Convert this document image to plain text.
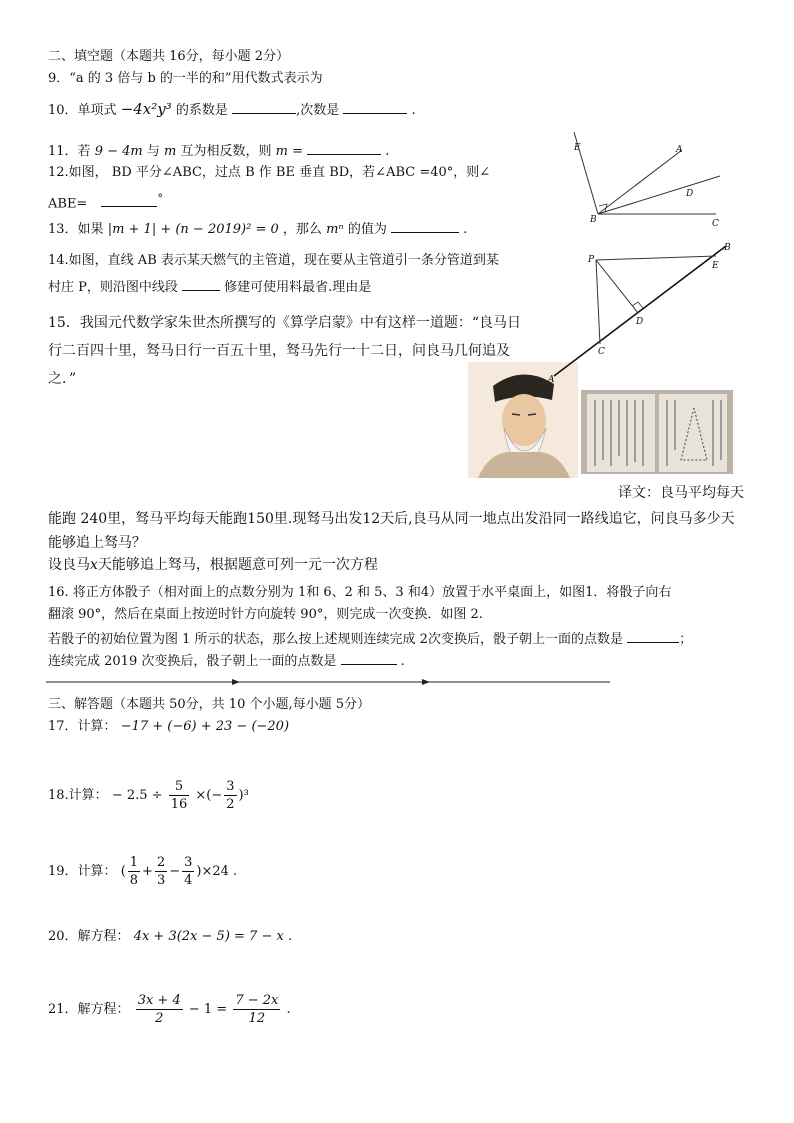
二、填空题（本题共 16分，每小题 2分）
9．“a 的 3 倍与 b 的一半的和”用代数式表示为
10．单项式 −4x²y³ 的系数是	,次数是	.
11．若 9 − 4m 与 m 互为相反数，则 m =	.
12.如图， BD 平分∠ABC，过点 B 作 BE 垂直 BD，若∠ABC =40°，则∠
ABE=	°
13．如果 |m + 1| + (n − 2019)² = 0 ，那么 mⁿ 的值为	.
14.如图，直线 AB 表示某天燃气的主管道，现在要从主管道引一条分管道到某
村庄 P，则沿图中线段	修建可使用料最省.理由是
15．我国元代数学家朱世杰所撰写的《算学启蒙》中有这样一道题：“良马日
行二百四十里，驽马日行一百五十里，驽马先行一十二日，问良马几何追及
之．”
译文：良马平均每天
能跑 240里，驽马平均每天能跑150里.现驽马出发12天后,良马从同一地点出发沿同一路线追它，问良马多少天
能够追上驽马？
设良马x天能够追上驽马，根据题意可列一元一次方程
16. 将正方体骰子（相对面上的点数分别为 1和 6、2 和 5、3 和4）放置于水平桌面上，如图1．将骰子向右
翻滚 90°，然后在桌面上按逆时针方向旋转 90°，则完成一次变换．如图 2.
若骰子的初始位置为图 1 所示的状态，那么按上述规则连续完成 2次变换后，骰子朝上一面的点数是	；
连续完成 2019 次变换后，骰子朝上一面的点数是	.
三、解答题（本题共 50分，共 10 个小题,每小题 5分）
17．计算： −17 + (−6) + 23 − (−20)
18.计算： − $2.5 \div \frac{5}{16}$ ×(− $\frac{3}{2} )^3$
19．计算： ( $\frac{1}{8} + \frac{2}{3} - \frac{3}{4} )\times 24$ .
20．解方程： 4x + 3(2x − 5) = 7 − x .
21．解方程： $\frac{3x + 4}{2} - 1 = \frac{7 - 2x}{12}$ .
E	A
D
B	C
P
B
E
D
C
A
